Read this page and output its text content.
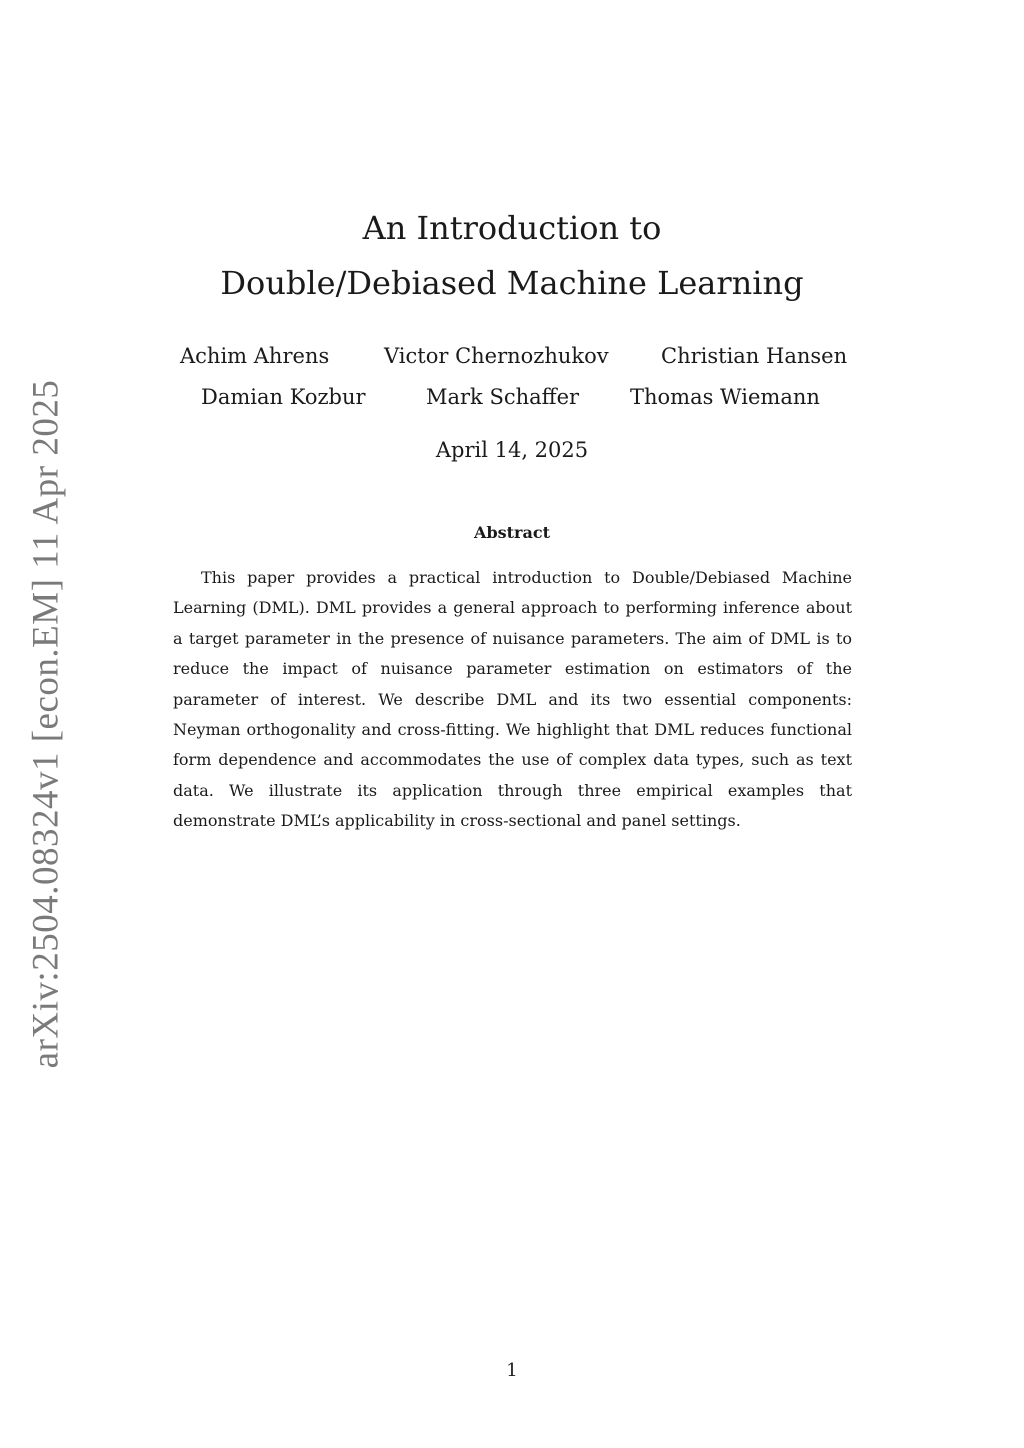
arXiv:2504.08324v1 [econ.EM] 11 Apr 2025
An Introduction to
Double/Debiased Machine Learning
Achim Ahrens	Victor Chernozhukov Christian Hansen
Damian Kozbur	Mark Schaffer Thomas Wiemann
April 14, 2025
Abstract

This paper provides a practical introduction to Double/Debiased Machine Learning (DML). DML provides a general approach to performing inference about a target parameter in the presence of nuisance parameters. The aim of DML is to reduce the impact of nuisance parameter estimation on estimators of the parameter of interest. We describe DML and its two essential components: Neyman orthogonality and cross-fitting. We highlight that DML reduces functional form dependence and accommodates the use of complex data types, such as text data. We illustrate its application through three empirical examples that demonstrate DML’s applicability in cross-sectional and panel settings.

1
